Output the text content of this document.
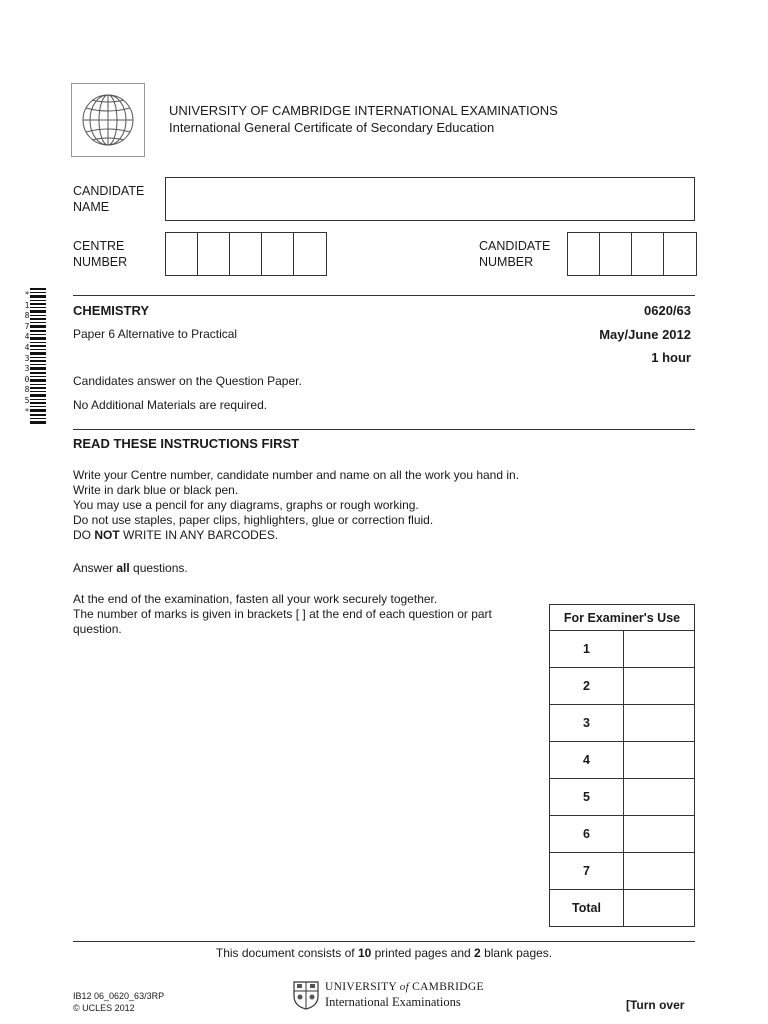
UNIVERSITY OF CAMBRIDGE INTERNATIONAL EXAMINATIONS
International General Certificate of Secondary Education
CANDIDATE
NAME
CENTRE
NUMBER
CANDIDATE
NUMBER
*
1
8
7
4
4
3
3
0
8
5
*
CHEMISTRY	0620/63
Paper 6 Alternative to Practical	May/June 2012
1 hour
Candidates answer on the Question Paper.
No Additional Materials are required.
READ THESE INSTRUCTIONS FIRST

Write your Centre number, candidate number and name on all the work you hand in.

Write in dark blue or black pen.

You may use a pencil for any diagrams, graphs or rough working.

Do not use staples, paper clips, highlighters, glue or correction fluid.

DO NOT WRITE IN ANY BARCODES.

Answer all questions.

At the end of the examination, fasten all your work securely together.

The number of marks is given in brackets [ ] at the end of each question or part

question.

For Examiner's Use	
1	
2	
3	
4	
5	
6	
7	
Total	
This document consists of 10 printed pages and 2 blank pages.
IB12 06_0620_63/3RP
© UCLES 2012
UNIVERSITY of CAMBRIDGE
International Examinations	[Turn over
